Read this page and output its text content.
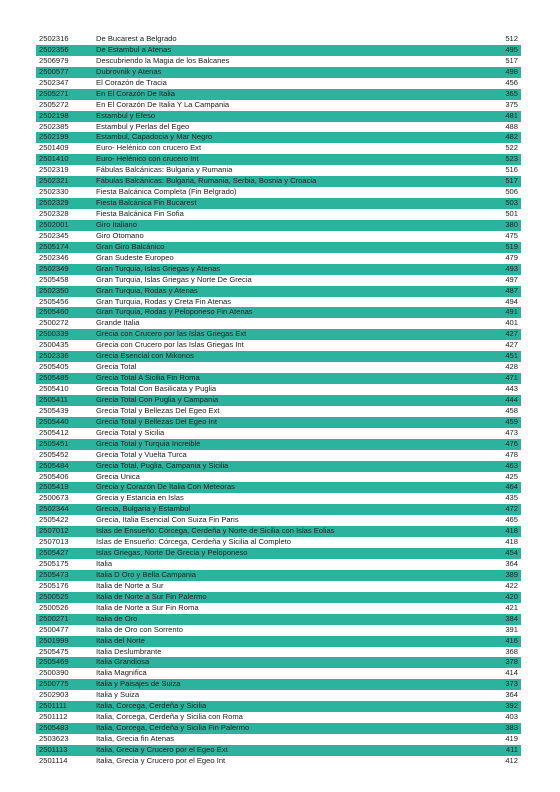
2502316	De Bucarest a Belgrado	512
2502356	De Estambul a Atenas	495
2506979	Descubriendo la Magia de los Balcanes	517
2500577	Dubrovnik y Atenas	498
2502347	El Corazón de Tracia	456
2505271	En El Corazón De Italia	365
2505272	En El Corazón De Italia Y La Campania	375
2502198	Estambul y Efeso	481
2502385	Estambul y Perlas del Egeo	488
2502199	Estambul, Capadocia y Mar Negro	482
2501409	Euro- Helénico con crucero Ext	522
2501410	Euro- Helénico con crucero Int	523
2502319	Fábulas Balcánicas: Bulgaria y Rumania	516
2502321	Fábulas Balcánicas: Bulgaria, Rumania, Serbia, Bosnia y Croacia	517
2502330	Fiesta Balcánica Completa (Fin Belgrado)	506
2502329	Fiesta Balcánica Fin Bucarest	503
2502328	Fiesta Balcánica Fin Sofia	501
2502001	Giro Italiano	380
2502345	Giro Otomano	475
2505174	Gran Giro Balcánico	519
2502346	Gran Sudeste Europeo	479
2502349	Gran Turquia, Islas Griegas y Atenas	493
2505458	Gran Turquia, Islas Griegas y Norte De Grecia	497
2502350	Gran Turquia, Rodas y Atenas	487
2505456	Gran Turquia, Rodas y Creta Fin Atenas	494
2505460	Gran Turquia, Rodas y Peloponeso Fin Atenas	491
2500272	Grande Italia	401
2500339	Grecia con Crucero por las Islas Griegas Ext	427
2500435	Grecia con Crucero por las Islas Griegas Int	427
2502336	Grecia Esencial con Mikonos	451
2505405	Grecia Total	428
2505485	Grecia Total A Sicilia Fin Roma	471
2505410	Grecia Total Con Basilicata y Puglia	443
2505411	Grecia Total Con Puglia y Campania	444
2505439	Grecia Total y Bellezas Del Egeo Ext	458
2505440	Grecia Total y Bellezas Del Egeo Int	459
2505412	Grecia Total y Sicilia	473
2505451	Grecia Total y Turquia Increible	476
2505452	Grecia Total y Vuelta Turca	478
2505484	Grecia Total, Puglia, Campania y Sicilia	463
2505406	Grecia Unica	425
2505419	Grecia y Corazón De Italia Con Meteoras	464
2500673	Grecia y Estancia en Islas	435
2502344	Grecia, Bulgaria y Estambul	472
2505422	Grecia, Italia Esencial Con Suiza Fin Paris	465
2507012	Islas de Ensueño: Córcega, Cerdeña y Norte de Sicilia con Islas Eolias	418
2507013	Islas de Ensueño: Córcega, Cerdeña y Sicilia al Completo	418
2505427	Islas Griegas, Norte De Grecia y Peloponeso	454
2505175	Italia	364
2505473	Italia D Oro y Bella Campania	389
2505176	Italia de Norte a Sur	422
2500525	Italia de Norte a Sur Fin Palermo	420
2500526	Italia de Norte a Sur Fin Roma	421
2500271	Italia de Oro	384
2500477	Italia de Oro con Sorrento	391
2501999	Italia del Norte	416
2505475	Italia Deslumbrante	368
2505469	Italia Grandiosa	378
2500390	Italia Magnifica	414
2500775	Italia y Paisajes de Suiza	373
2502903	Italia y Suiza	364
2501111	Italia, Corcega, Cerdeña y Sicilia	392
2501112	Italia, Corcega, Cerdeña y Sicilia con Roma	403
2505483	Italia, Corcega, Cerdeña y Sicilia Fin Palermo	383
2503623	Italia, Grecia fin Atenas	419
2501113	Italia, Grecia y Crucero por el Egeo Ext	411
2501114	Italia, Grecia y Crucero por el Egeo Int	412
